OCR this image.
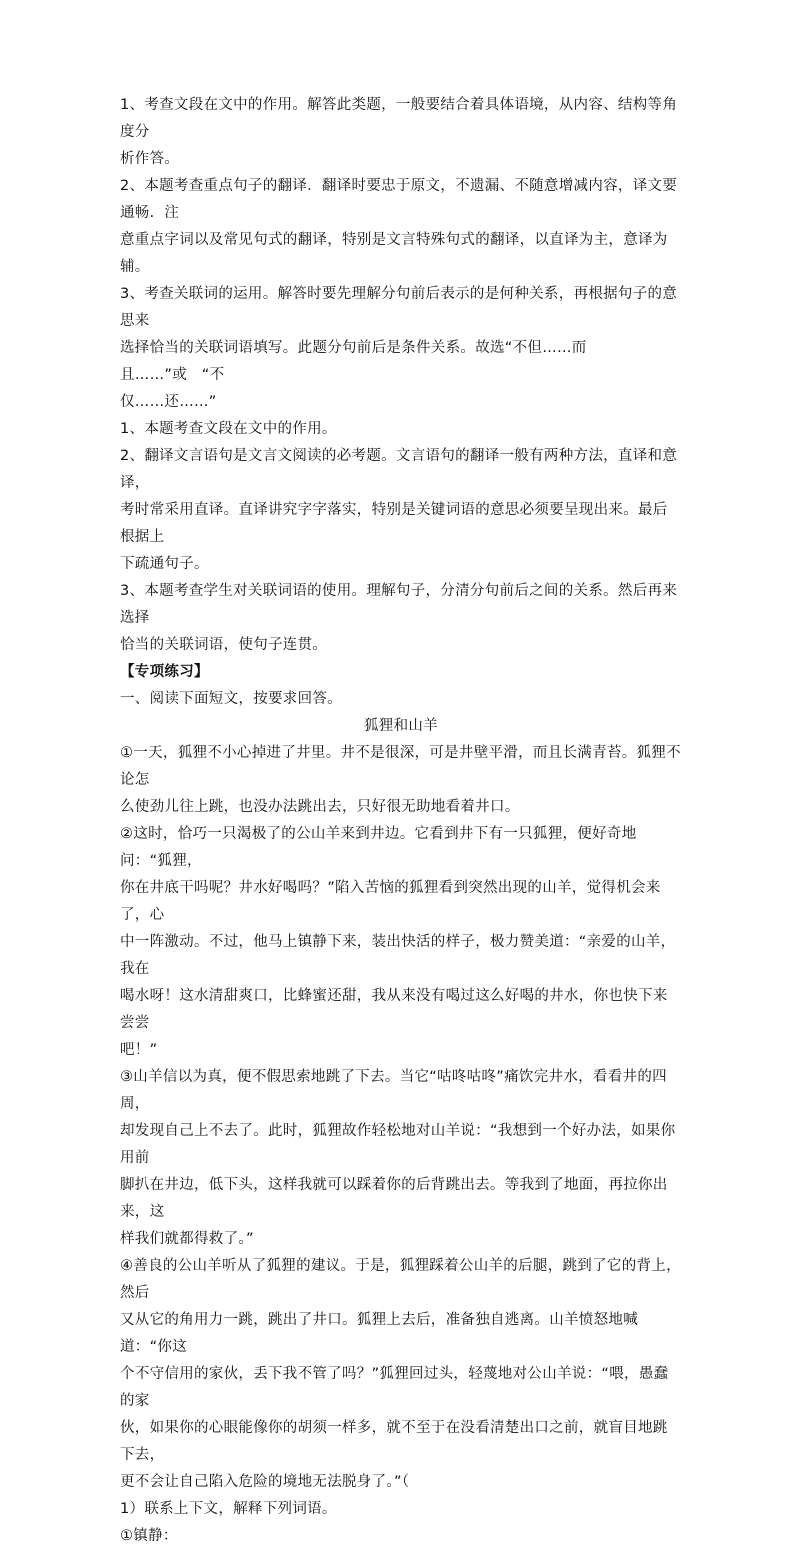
1、考查文段在文中的作用。解答此类题，一般要结合着具体语境，从内容、结构等角度分

析作答。

2、本题考查重点句子的翻译．翻译时要忠于原文，不遗漏、不随意增减内容，译文要通畅．注

意重点字词以及常见句式的翻译，特别是文言特殊句式的翻译，以直译为主，意译为辅。

3、考查关联词的运用。解答时要先理解分句前后表示的是何种关系，再根据句子的意思来

选择恰当的关联词语填写。此题分句前后是条件关系。故选“不但……而且……”或　“不

仅……还……”

1、本题考查文段在文中的作用。

2、翻译文言语句是文言文阅读的必考题。文言语句的翻译一般有两种方法，直译和意译，

考时常采用直译。直译讲究字字落实，特别是关键词语的意思必须要呈现出来。最后根据上

下疏通句子。

3、本题考查学生对关联词语的使用。理解句子，分清分句前后之间的关系。然后再来选择

恰当的关联词语，使句子连贯。

【专项练习】

一、阅读下面短文，按要求回答。

狐狸和山羊

①一天，狐狸不小心掉进了井里。井不是很深，可是井壁平滑，而且长满青苔。狐狸不论怎

么使劲儿往上跳，也没办法跳出去，只好很无助地看着井口。

②这时，恰巧一只渴极了的公山羊来到井边。它看到井下有一只狐狸，便好奇地问：“狐狸，

你在井底干吗呢？井水好喝吗？”陷入苦恼的狐狸看到突然出现的山羊，觉得机会来了，心

中一阵激动。不过，他马上镇静下来，装出快活的样子，极力赞美道：“亲爱的山羊，我在

喝水呀！这水清甜爽口，比蜂蜜还甜，我从来没有喝过这么好喝的井水，你也快下来尝尝

吧！”

③山羊信以为真，便不假思索地跳了下去。当它“咕咚咕咚”痛饮完井水，看看井的四周，

却发现自己上不去了。此时，狐狸故作轻松地对山羊说：“我想到一个好办法，如果你用前

脚扒在井边，低下头，这样我就可以踩着你的后背跳出去。等我到了地面，再拉你出来，这

样我们就都得救了。”

④善良的公山羊听从了狐狸的建议。于是，狐狸踩着公山羊的后腿，跳到了它的背上，然后

又从它的角用力一跳，跳出了井口。狐狸上去后，准备独自逃离。山羊愤怒地喊道：“你这

个不守信用的家伙，丢下我不管了吗？”狐狸回过头，轻蔑地对公山羊说：“喂，愚蠢的家

伙，如果你的心眼能像你的胡须一样多，就不至于在没看清楚出口之前，就盲目地跳下去，

更不会让自己陷入危险的境地无法脱身了。”（

1）联系上下文，解释下列词语。

①镇静：
